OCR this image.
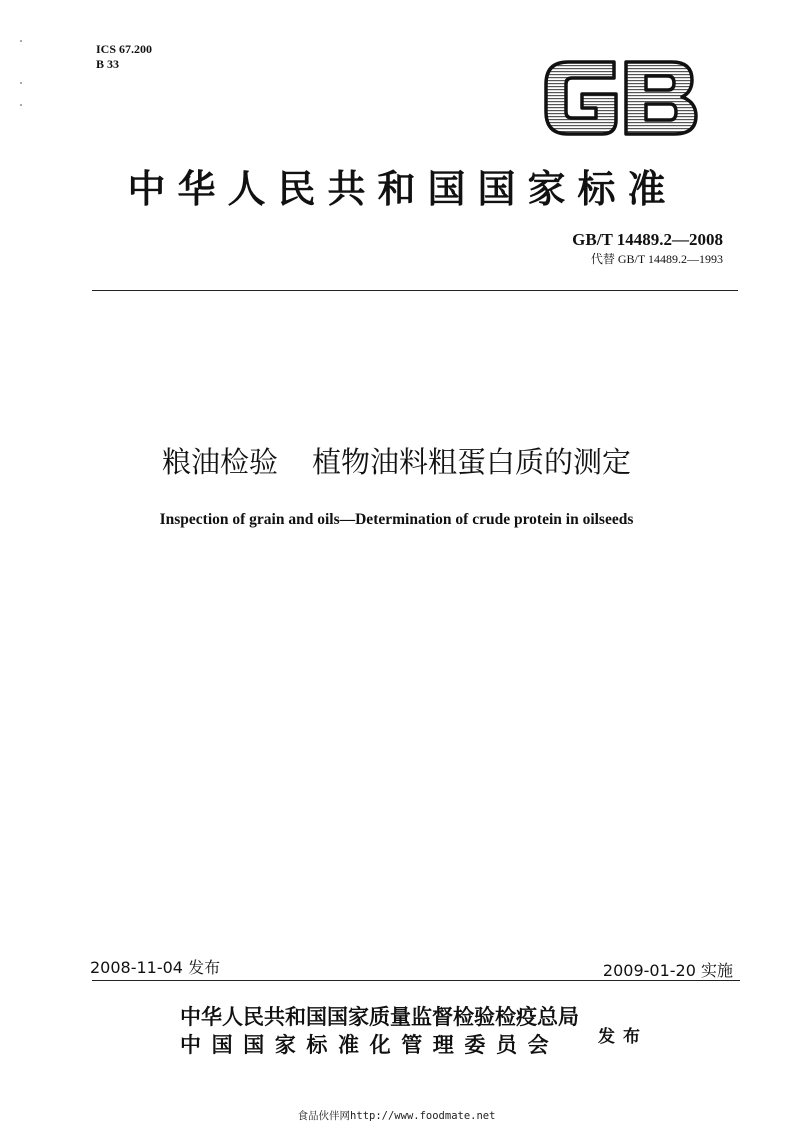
ICS 67.200
B 33
中华人民共和国国家标准
GB/T 14489.2—2008
代替 GB/T 14489.2—1993
粮油检验 植物油料粗蛋白质的测定
Inspection of grain and oils—Determination of crude protein in oilseeds
2008-11-04 发布	2009-01-20 实施
中华人民共和国国家质量监督检验检疫总局
中国国家标准化管理委员会	发布
食品伙伴网http://www.foodmate.net
